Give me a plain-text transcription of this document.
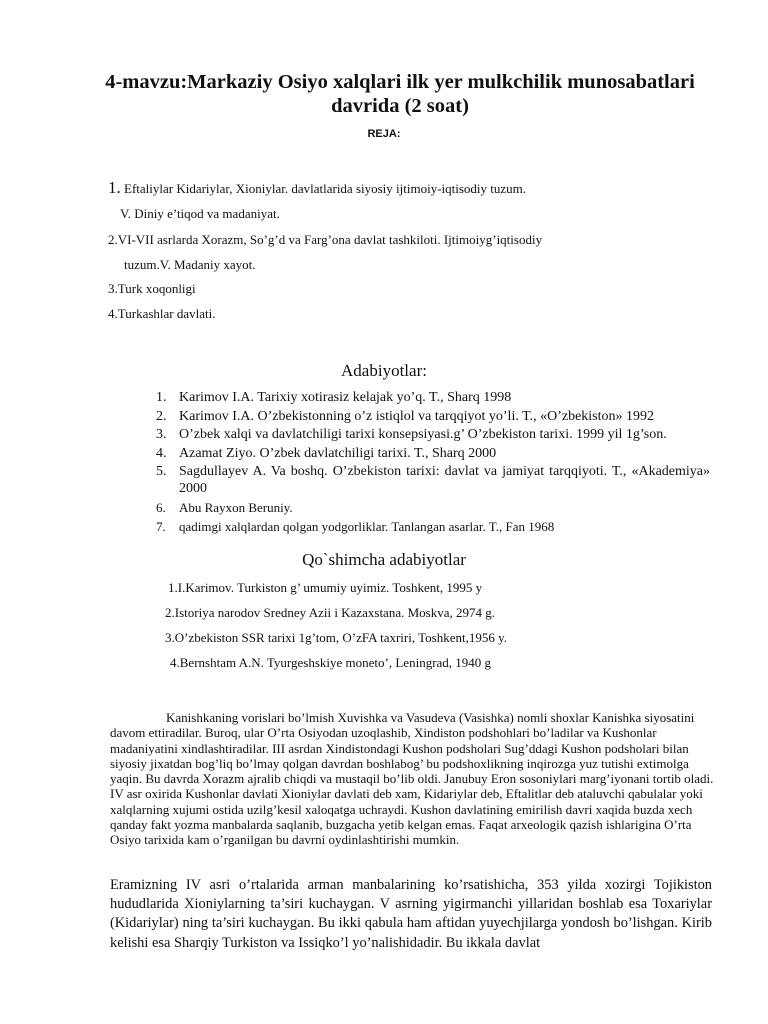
4-mavzu:Markaziy Osiyo xalqlari ilk yer mulkchilik munosabatlari davrida (2 soat)
REJA:
1. Eftaliylar Kidariylar, Xioniylar. davlatlarida siyosiy ijtimoiy-iqtisodiy tuzum.
V. Diniy e’tiqod va madaniyat.
2.VI-VII asrlarda Xorazm, So’g’d va Farg’ona davlat tashkiloti. Ijtimoiyg’iqtisodiy
tuzum.V. Madaniy xayot.
3.Turk xoqonligi
4.Turkashlar davlati.
Adabiyotlar:
1. Karimov I.A. Tarixiy xotirasiz kelajak yo’q. T., Sharq 1998
2. Karimov I.A. O’zbekistonning o’z istiqlol va tarqqiyot yo’li. T., «O’zbekiston» 1992
3. O’zbek xalqi va davlatchiligi tarixi konsepsiyasi.g’ O’zbekiston tarixi. 1999 yil 1g’son.
4. Azamat Ziyo. O’zbek davlatchiligi tarixi. T., Sharq 2000
5. Sagdullayev A. Va boshq. O’zbekiston tarixi: davlat va jamiyat tarqqiyoti. T., «Akademiya» 2000
6. Abu Rayxon Beruniy.
7. qadimgi xalqlardan qolgan yodgorliklar. Tanlangan asarlar. T., Fan 1968
Qo`shimcha adabiyotlar
1.I.Karimov. Turkiston g’ umumiy uyimiz. Toshkent, 1995 y
2.Istoriya narodov Sredney Azii i Kazaxstana. Moskva, 2974 g.
3.O’zbekiston SSR tarixi 1g’tom, O’zFA taxriri, Toshkent,1956 y.
4.Bernshtam A.N. Tyurgeshskiye moneto’, Leningrad, 1940 g

Kanishkaning vorislari bo’lmish Xuvishka va Vasudeva (Vasishka) nomli shoxlar Kanishka siyosatini davom ettiradilar. Buroq, ular O’rta Osiyodan uzoqlashib, Xindiston podshohlari bo’ladilar va Kushonlar madaniyatini xindlashtiradilar. III asrdan Xindistondagi Kushon podsholari Sug’ddagi Kushon podsholari bilan siyosiy jixatdan bog’liq bo’lmay qolgan davrdan boshlabog’ bu podshoxlikning inqirozga yuz tutishi extimolga yaqin. Bu davrda Xorazm ajralib chiqdi va mustaqil bo’lib oldi. Janubuy Eron sosoniylari marg’iyonani tortib oladi. IV asr oxirida Kushonlar davlati Xioniylar davlati deb xam, Kidariylar deb, Eftalitlar deb ataluvchi qabulalar yoki xalqlarning xujumi ostida uzilg’kesil xaloqatga uchraydi. Kushon davlatining emirilish davri xaqida buzda xech qanday fakt yozma manbalarda saqlanib, buzgacha yetib kelgan emas. Faqat arxeologik qazish ishlarigina O’rta Osiyo tarixida kam o’rganilgan bu davrni oydinlashtirishi mumkin.

Eramizning IV asri o’rtalarida arman manbalarining ko’rsatishicha, 353 yilda xozirgi Tojikiston hududlarida Xioniylarning ta’siri kuchaygan. V asrning yigirmanchi yillaridan boshlab esa Toxariylar (Kidariylar) ning ta’siri kuchaygan. Bu ikki qabula ham aftidan yuyechjilarga yondosh bo’lishgan. Kirib kelishi esa Sharqiy Turkiston va Issiqko’l yo’nalishidadir. Bu ikkala davlat
